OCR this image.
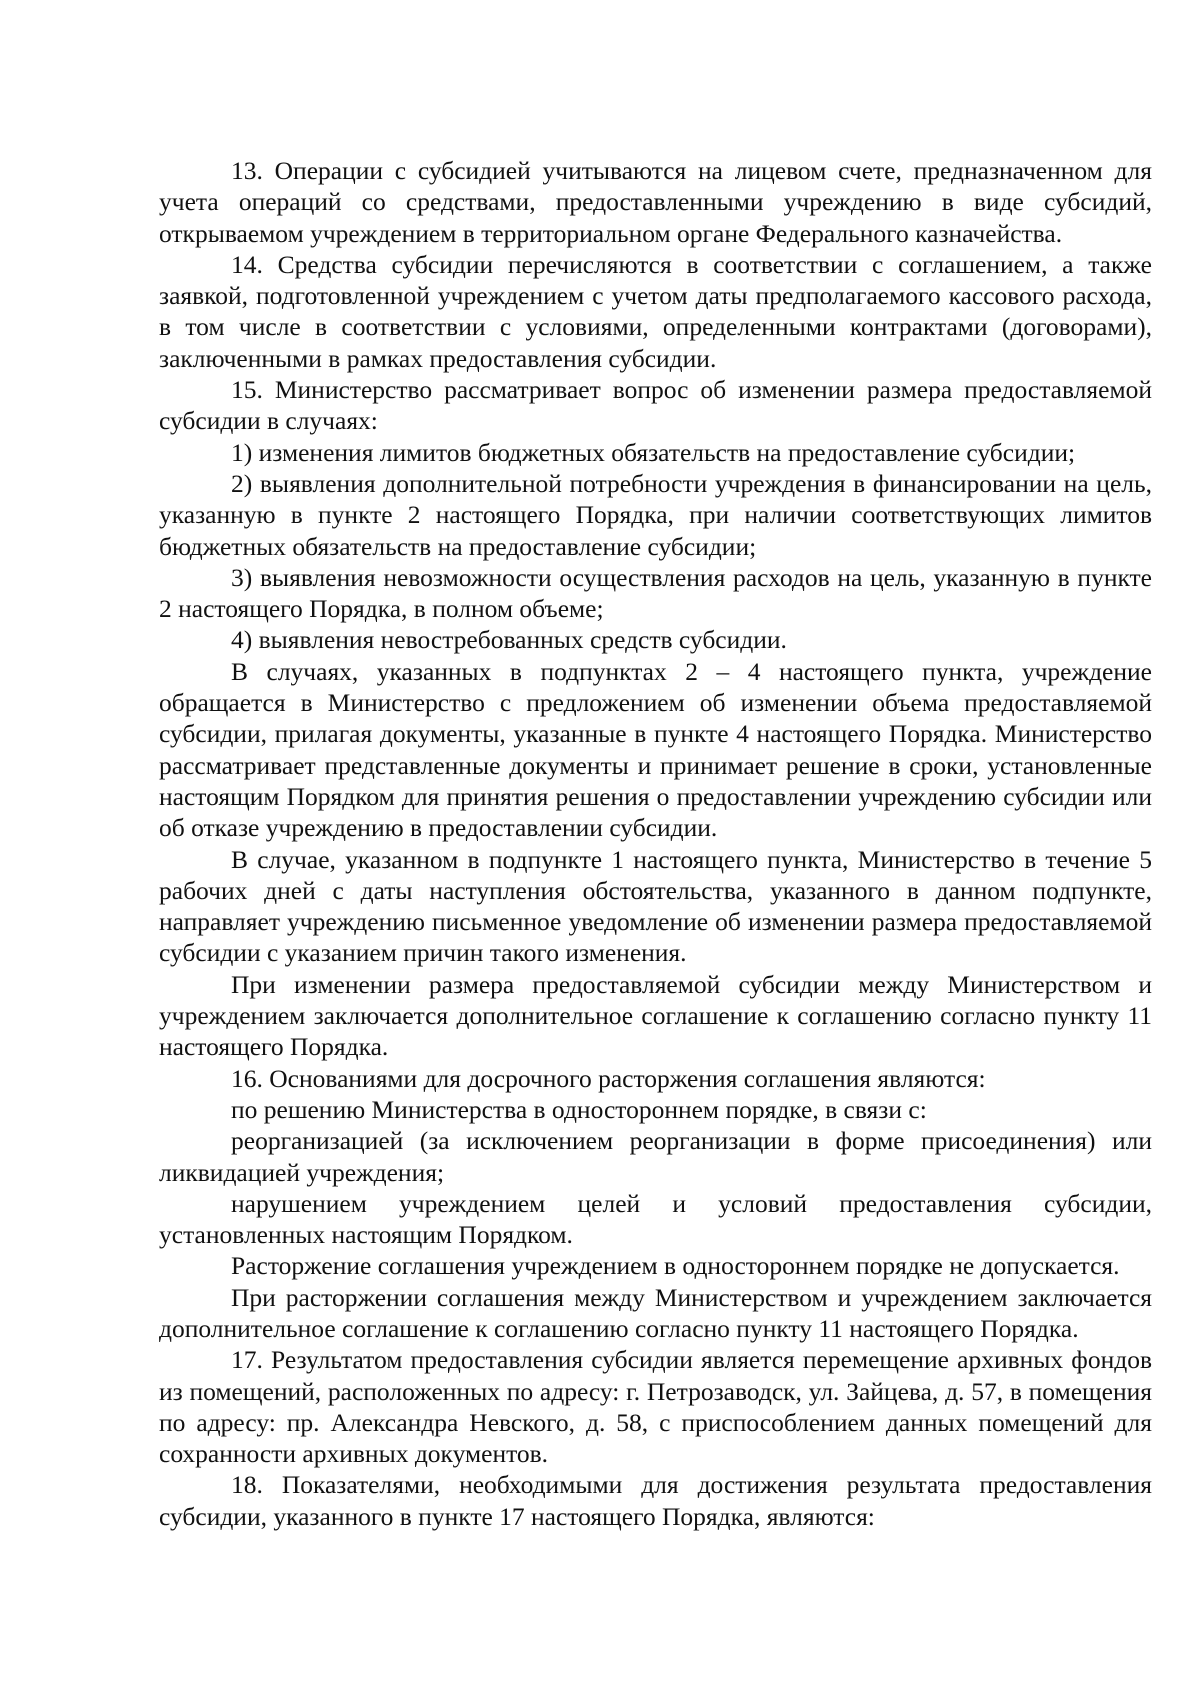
13. Операции с субсидией учитываются на лицевом счете, предназначенном для учета операций со средствами, предоставленными учреждению в виде субсидий, открываемом учреждением в территориальном органе Федерального казначейства.

14. Средства субсидии перечисляются в соответствии с соглашением, а также заявкой, подготовленной учреждением с учетом даты предполагаемого кассового расхода, в том числе в соответствии с условиями, определенными контрактами (договорами), заключенными в рамках предоставления субсидии.

15. Министерство рассматривает вопрос об изменении размера предоставляемой субсидии в случаях:

1) изменения лимитов бюджетных обязательств на предоставление субсидии;

2) выявления дополнительной потребности учреждения в финансировании на цель, указанную в пункте 2 настоящего Порядка, при наличии соответствующих лимитов бюджетных обязательств на предоставление субсидии;

3) выявления невозможности осуществления расходов на цель, указанную в пункте 2 настоящего Порядка, в полном объеме;

4) выявления невостребованных средств субсидии.

В случаях, указанных в подпунктах 2 – 4 настоящего пункта, учреждение обращается в Министерство с предложением об изменении объема предоставляемой субсидии, прилагая документы, указанные в пункте 4 настоящего Порядка. Министерство рассматривает представленные документы и принимает решение в сроки, установленные настоящим Порядком для принятия решения о предоставлении учреждению субсидии или об отказе учреждению в предоставлении субсидии.

В случае, указанном в подпункте 1 настоящего пункта, Министерство в течение 5 рабочих дней с даты наступления обстоятельства, указанного в данном подпункте, направляет учреждению письменное уведомление об изменении размера предоставляемой субсидии с указанием причин такого изменения.

При изменении размера предоставляемой субсидии между Министерством и учреждением заключается дополнительное соглашение к соглашению согласно пункту 11 настоящего Порядка.

16. Основаниями для досрочного расторжения соглашения являются:

по решению Министерства в одностороннем порядке, в связи с:

реорганизацией (за исключением реорганизации в форме присоединения) или ликвидацией учреждения;

нарушением учреждением целей и условий предоставления субсидии, установленных настоящим Порядком.

Расторжение соглашения учреждением в одностороннем порядке не допускается.

При расторжении соглашения между Министерством и учреждением заключается дополнительное соглашение к соглашению согласно пункту 11 настоящего Порядка.

17. Результатом предоставления субсидии является перемещение архивных фондов из помещений, расположенных по адресу: г. Петрозаводск, ул. Зайцева, д. 57, в помещения по адресу: пр. Александра Невского, д. 58, с приспособлением данных помещений для сохранности архивных документов.

18. Показателями, необходимыми для достижения результата предоставления субсидии, указанного в пункте 17 настоящего Порядка, являются:
